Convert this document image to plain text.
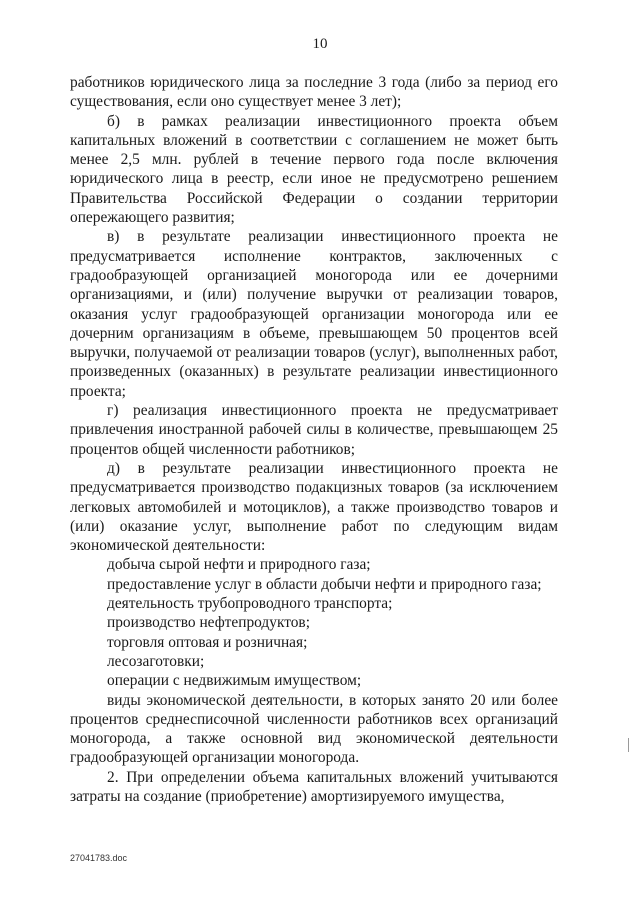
10

работников юридического лица за последние 3 года (либо за период его существования, если оно существует менее 3 лет);

б) в рамках реализации инвестиционного проекта объем капитальных вложений в соответствии с соглашением не может быть менее 2,5 млн. рублей в течение первого года после включения юридического лица в реестр, если иное не предусмотрено решением Правительства Российской Федерации о создании территории опережающего развития;

в) в результате реализации инвестиционного проекта не предусматривается исполнение контрактов, заключенных с градообразующей организацией моногорода или ее дочерними организациями, и (или) получение выручки от реализации товаров, оказания услуг градообразующей организации моногорода или ее дочерним организациям в объеме, превышающем 50 процентов всей выручки, получаемой от реализации товаров (услуг), выполненных работ, произведенных (оказанных) в результате реализации инвестиционного проекта;

г) реализация инвестиционного проекта не предусматривает привлечения иностранной рабочей силы в количестве, превышающем 25 процентов общей численности работников;

д) в результате реализации инвестиционного проекта не предусматривается производство подакцизных товаров (за исключением легковых автомобилей и мотоциклов), а также производство товаров и (или) оказание услуг, выполнение работ по следующим видам экономической деятельности:

добыча сырой нефти и природного газа;

предоставление услуг в области добычи нефти и природного газа;

деятельность трубопроводного транспорта;

производство нефтепродуктов;

торговля оптовая и розничная;

лесозаготовки;

операции с недвижимым имуществом;

виды экономической деятельности, в которых занято 20 или более процентов среднесписочной численности работников всех организаций моногорода, а также основной вид экономической деятельности градообразующей организации моногорода.

2. При определении объема капитальных вложений учитываются затраты на создание (приобретение) амортизируемого имущества,

27041783.doc
